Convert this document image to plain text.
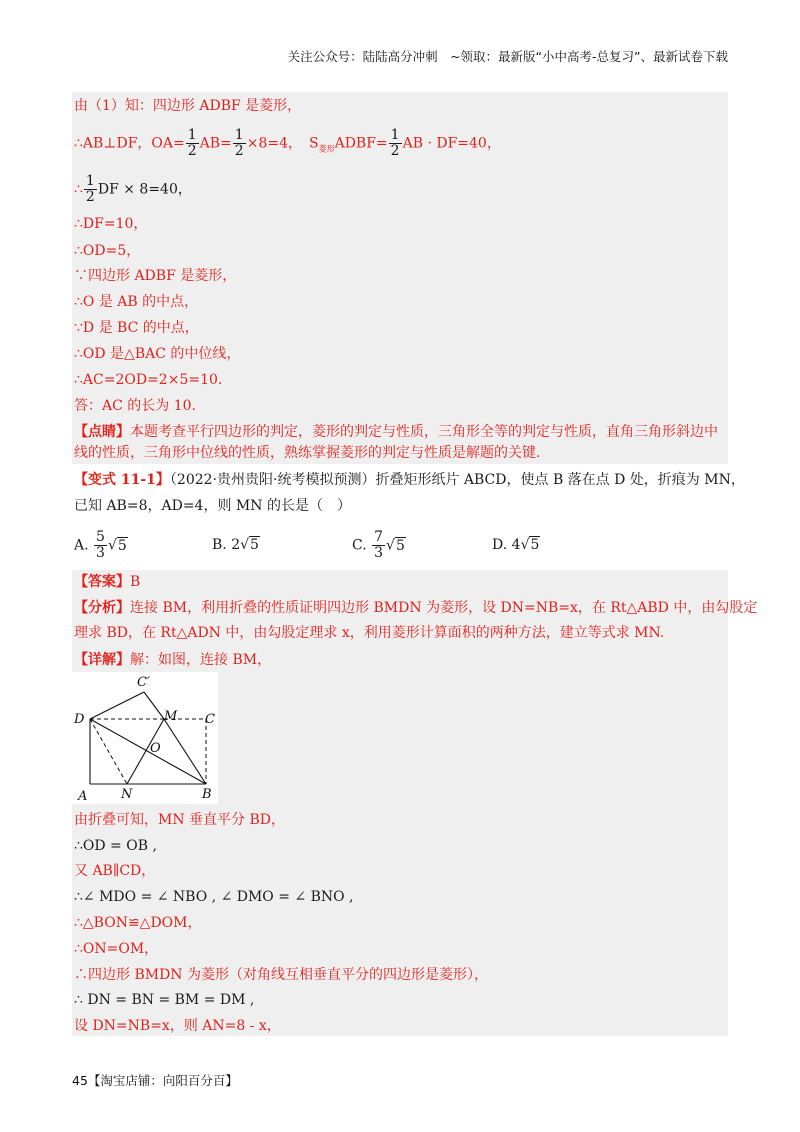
关注公众号：陆陆高分冲刺　~领取：最新版“小中高考-总复习”、最新试卷下载
由（1）知：四边形 ADBF 是菱形，
∴AB⊥DF，$OA= \frac{1}{2} AB= \frac{1}{2} \times 8=4$，　$S_{菱形}ADBF= \frac{1}{2}$ AB · DF=40，
∴ $\frac{1}{2}$ DF × 8=40，
∴DF=10，
∴OD=5，
∵四边形 ADBF 是菱形，
∴O 是 AB 的中点，
∵D 是 BC 的中点，
∴OD 是△BAC 的中位线，
∴AC=2OD=2×5=10.
答：AC 的长为 10.
【点睛】本题考查平行四边形的判定，菱形的判定与性质，三角形全等的判定与性质，直角三角形斜边中
线的性质，三角形中位线的性质，熟练掌握菱形的判定与性质是解题的关键.
【变式 11-1】（2022·贵州贵阳·统考模拟预测）折叠矩形纸片 ABCD，使点 B 落在点 D 处，折痕为 MN，
已知 AB=8，AD=4，则 MN 的长是（　）
A. $\frac{5}{3} √5$	B. 2√5	C. $\frac{7}{3} √5$	D. 4√5
【答案】B
【分析】连接 BM，利用折叠的性质证明四边形 BMDN 为菱形，设 DN=NB=x，在 Rt△ABD 中，由勾股定
理求 BD，在 Rt△ADN 中，由勾股定理求 x，利用菱形计算面积的两种方法，建立等式求 MN.
【详解】解：如图，连接 BM，
C′
D	M C
O
A	N	B
由折叠可知，MN 垂直平分 BD，
∴OD = OB ,
又 AB∥CD，
∴∠ MDO = ∠ NBO , ∠ DMO = ∠ BNO ,
∴△BON≌△DOM，
∴ON=OM，
∴四边形 BMDN 为菱形（对角线互相垂直平分的四边形是菱形），
∴ DN = BN = BM = DM ,
设 DN=NB=x，则 AN=8 - x，
45【淘宝店铺：向阳百分百】
